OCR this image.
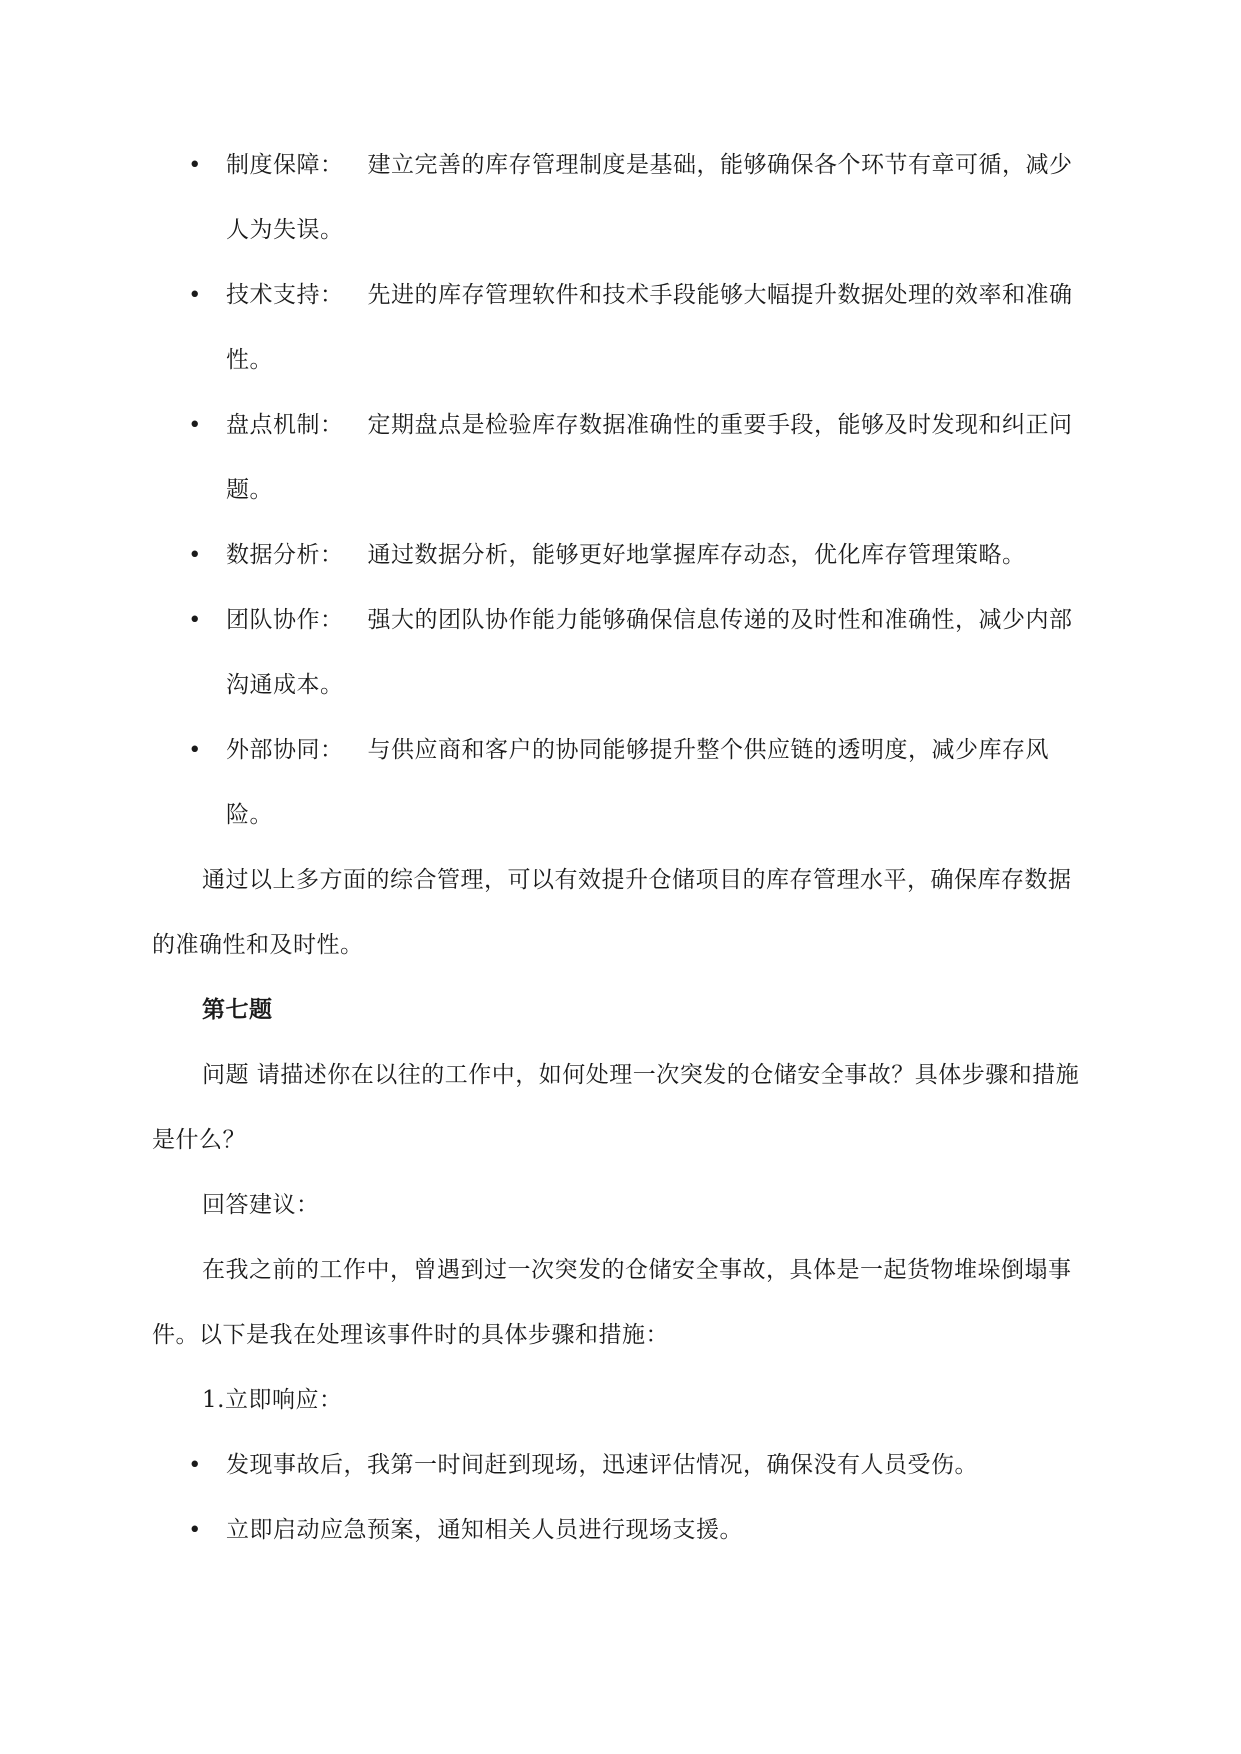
• 制度保障： 建立完善的库存管理制度是基础，能够确保各个环节有章可循，减少人为失误。

• 技术支持： 先进的库存管理软件和技术手段能够大幅提升数据处理的效率和准确性。

• 盘点机制： 定期盘点是检验库存数据准确性的重要手段，能够及时发现和纠正问题。

• 数据分析： 通过数据分析，能够更好地掌握库存动态，优化库存管理策略。

• 团队协作： 强大的团队协作能力能够确保信息传递的及时性和准确性，减少内部沟通成本。

• 外部协同： 与供应商和客户的协同能够提升整个供应链的透明度，减少库存风险。

通过以上多方面的综合管理，可以有效提升仓储项目的库存管理水平，确保库存数据的准确性和及时性。

第七题

问题 请描述你在以往的工作中，如何处理一次突发的仓储安全事故？具体步骤和措施是什么？

回答建议：

在我之前的工作中，曾遇到过一次突发的仓储安全事故，具体是一起货物堆垛倒塌事件。以下是我在处理该事件时的具体步骤和措施：

1.立即响应：

• 发现事故后，我第一时间赶到现场，迅速评估情况，确保没有人员受伤。

• 立即启动应急预案，通知相关人员进行现场支援。
